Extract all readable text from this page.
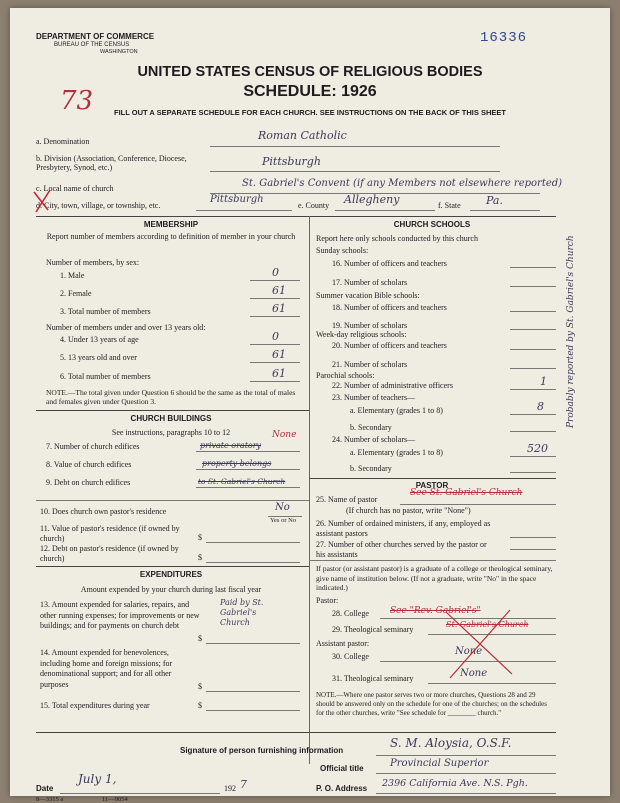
DEPARTMENT OF COMMERCE
BUREAU OF THE CENSUS
WASHINGTON
16336
73
UNITED STATES CENSUS OF RELIGIOUS BODIES
SCHEDULE: 1926
FILL OUT A SEPARATE SCHEDULE FOR EACH CHURCH. SEE INSTRUCTIONS ON THE BACK OF THIS SHEET
a. Denomination	Roman Catholic
b. Division (Association, Conference, Diocese, Presbytery, Synod, etc.)	Pittsburgh
c. Local name of church	St. Gabriel's Convent (if any Members not elsewhere reported)
d. City, town, village, or township, etc.
Pittsburgh
e. County Allegheny	f. State Pa.
MEMBERSHIP
Report number of members according to definition of member in your church
Number of members, by sex:
1. Male	0
2. Female	61
3. Total number of members	61
Number of members under and over 13 years old:
4. Under 13 years of age	0
5. 13 years old and over	61
6. Total number of members	61
NOTE.—The total given under Question 6 should be the same as the total of males and females given under Question 3.
CHURCH BUILDINGS
See instructions, paragraphs 10 to 12
7. Number of church edifices
None
private oratory
8. Value of church edifices	property belongs
9. Debt on church edifices	to St. Gabriel's Church
10. Does church own pastor's residence	No
Yes or No
11. Value of pastor's residence (if owned by church)	$
12. Debt on pastor's residence (if owned by church)	$
EXPENDITURES
Amount expended by your church during last fiscal year
13. Amount expended for salaries, repairs, and other running expenses; for improvements or new buildings; and for payments on church debt
$
Paid by St. Gabriel's Church
14. Amount expended for benevolences, including home and foreign missions; for denominational support; and for all other purposes	$
15. Total expenditures during year	$
CHURCH SCHOOLS
Report here only schools conducted by this church
Sunday schools:
16. Number of officers and teachers
17. Number of scholars
Summer vacation Bible schools:
18. Number of officers and teachers
19. Number of scholars
Week-day religious schools:
20. Number of officers and teachers
21. Number of scholars
Parochial schools:
22. Number of administrative officers	1
23. Number of teachers—
a. Elementary (grades 1 to 8)	8
b. Secondary
24. Number of scholars—
a. Elementary (grades 1 to 8)	520
b. Secondary
Probably reported by St. Gabriel's Church
PASTOR
25. Name of pastor
See St. Gabriel's Church
(If church has no pastor, write "None")
26. Number of ordained ministers, if any, employed as assistant pastors
27. Number of other churches served by the pastor or his assistants
If pastor (or assistant pastor) is a graduate of a college or theological seminary, give name of institution below. (If not a graduate, write "No" in the space indicated.)
Pastor:
28. College See "Rev. Gabriel's"
29. Theological seminary
St. Gabriel's Church
Assistant pastor:
30. College	None
31. Theological seminary	None
NOTE.—Where one pastor serves two or more churches, Questions 28 and 29 should be answered only on the schedule for one of the churches; on the schedules for the other churches, write "See schedule for ________ church."
Signature of person furnishing information
S. M. Aloysia, O.S.F.
Official title	Provincial Superior
Date
July 1,
192 7	P. O. Address 2396 California Ave. N.S. Pgh.
8—3315 a	11—9054
